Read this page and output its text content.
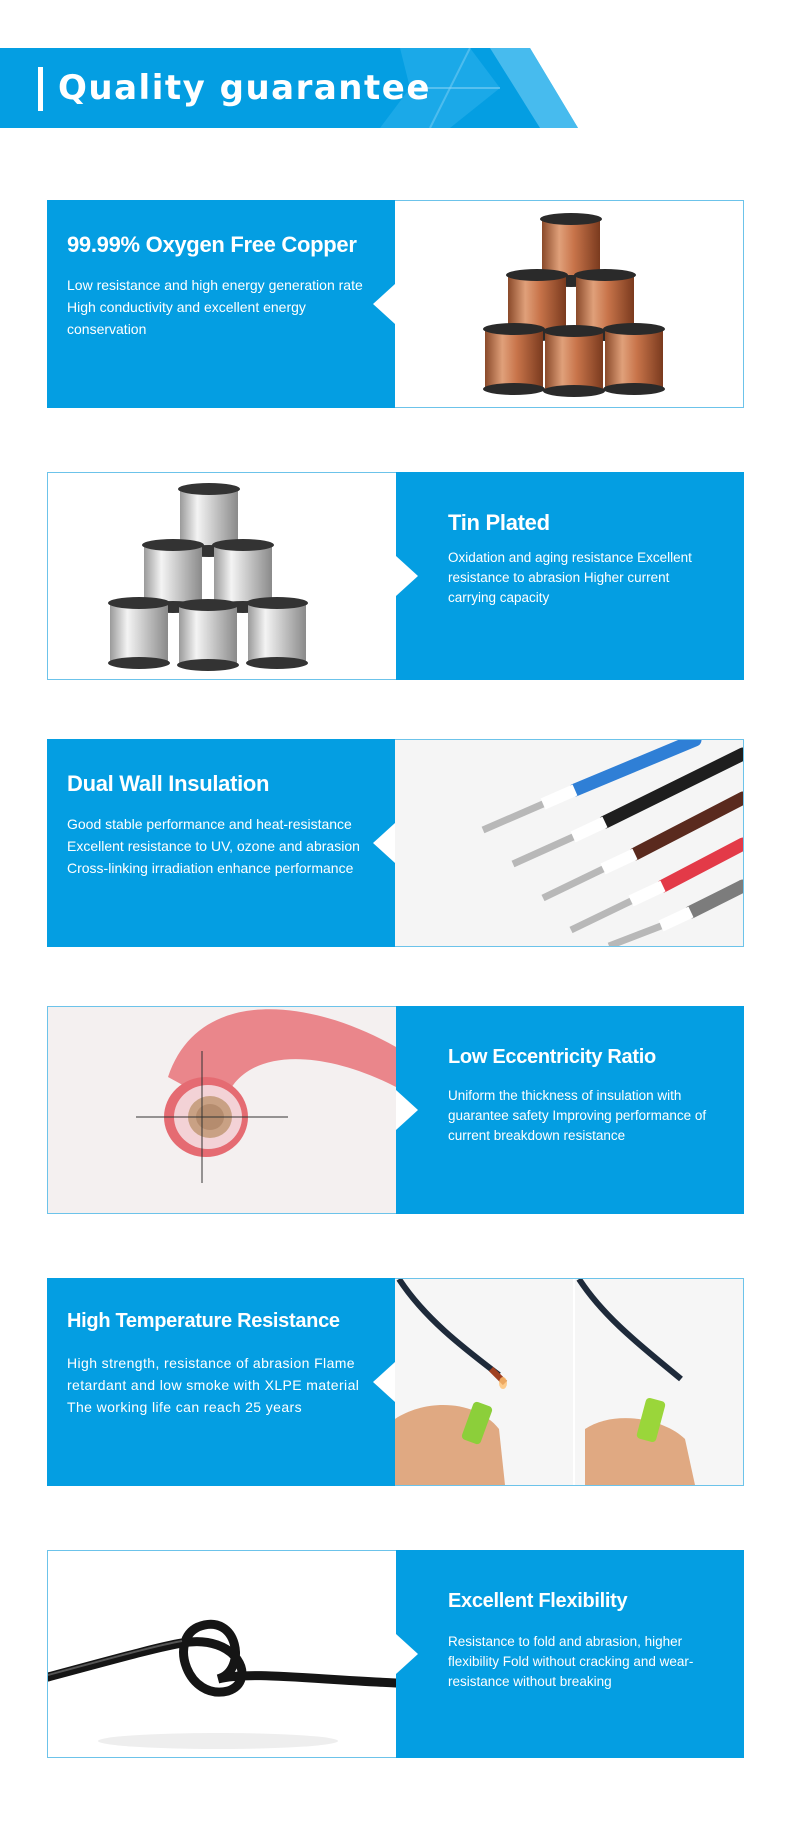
Quality guarantee
99.99% Oxygen Free Copper
Low resistance and high energy generation rate High conductivity and excellent energy conservation
Tin Plated
Oxidation and aging resistance Excellent resistance to abrasion Higher current carrying capacity
Dual Wall Insulation
Good stable performance and heat-resistance Excellent resistance to UV, ozone and abrasion Cross-linking irradiation enhance performance
Low Eccentricity Ratio
Uniform the thickness of insulation with guarantee safety Improving performance of current breakdown resistance
High Temperature Resistance
High strength, resistance of abrasion Flame retardant and low smoke with XLPE material The working life can reach 25 years
Excellent Flexibility
Resistance to fold and abrasion, higher flexibility Fold without cracking and wear-resistance without breaking
